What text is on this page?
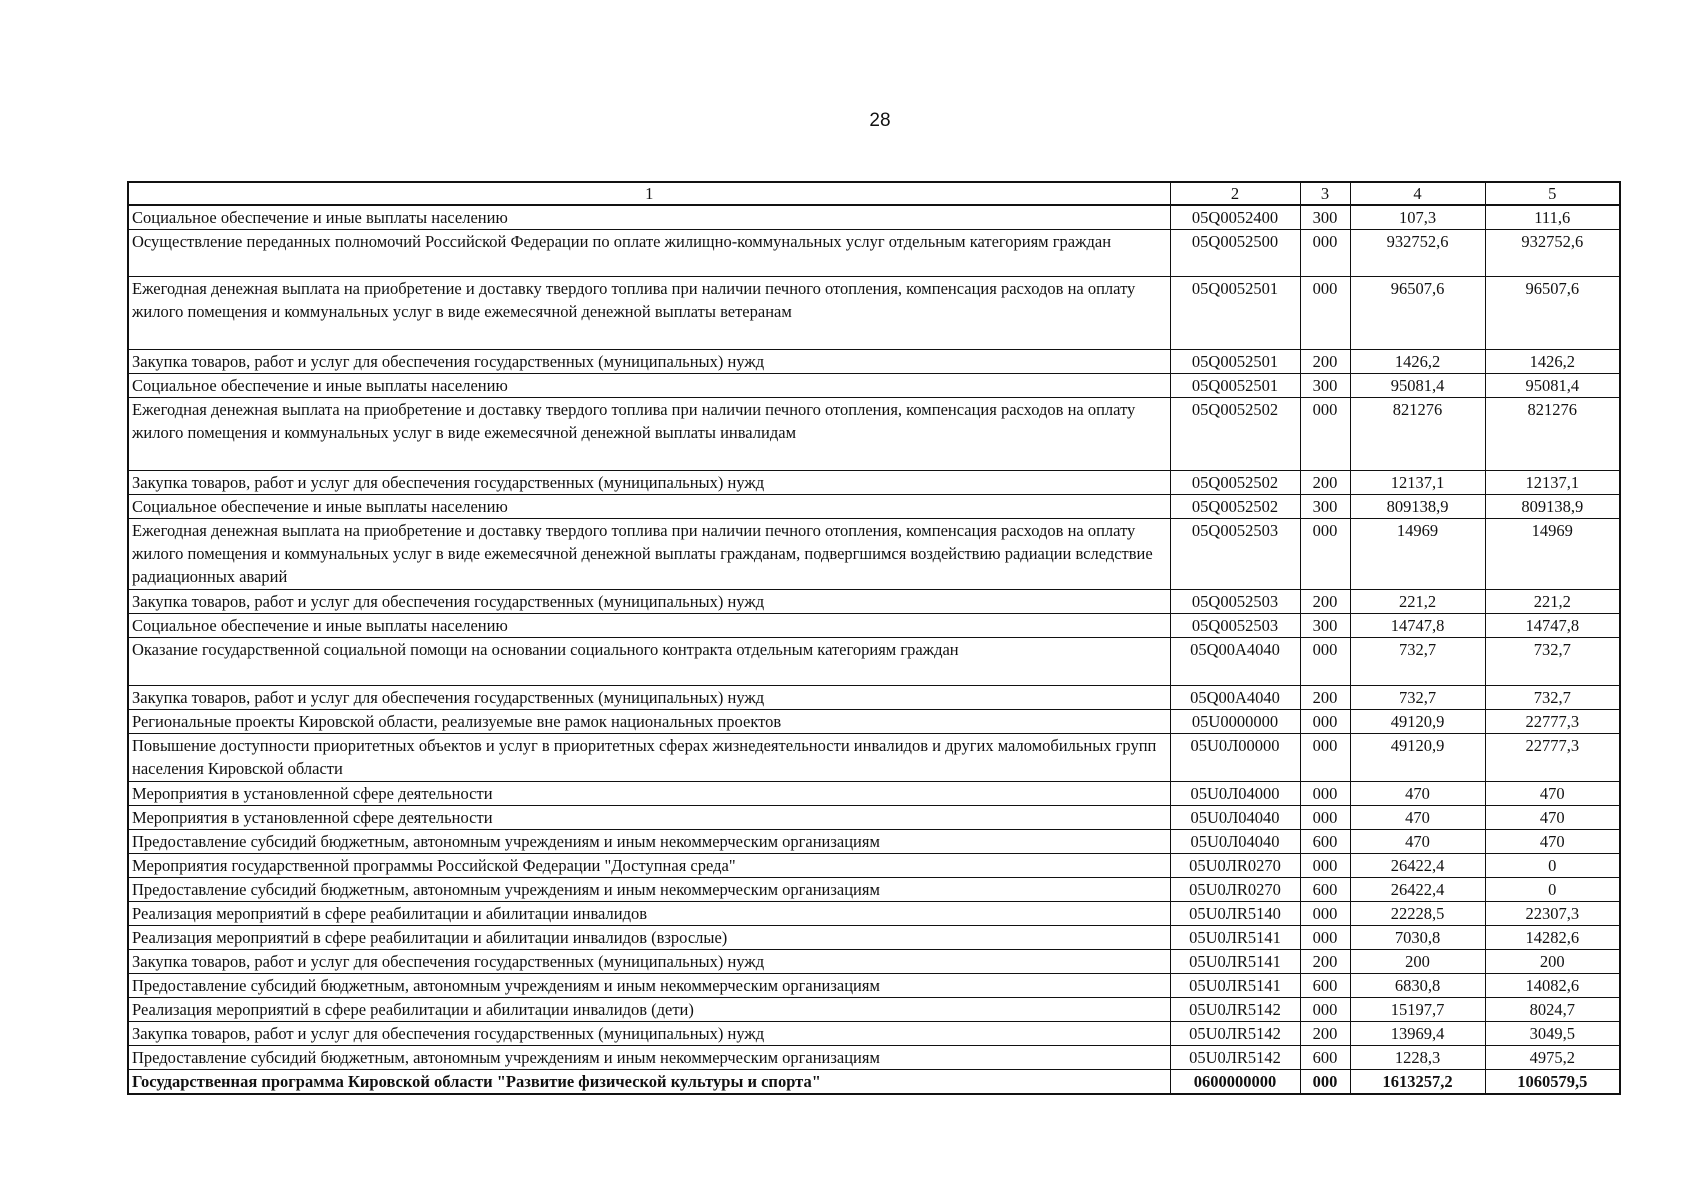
28
1	2	3	4	5
Социальное обеспечение и иные выплаты населению	05Q0052400	300	107,3	111,6
Осуществление переданных полномочий Российской Федерации по оплате жилищно-коммунальных услуг отдельным категориям граждан	05Q0052500	000	932752,6	932752,6
Ежегодная денежная выплата на приобретение и доставку твердого топлива при наличии печного отопления, компенсация расходов на оплату жилого помещения и коммунальных услуг в виде ежемесячной денежной выплаты ветеранам	05Q0052501	000	96507,6	96507,6
Закупка товаров, работ и услуг для обеспечения государственных (муниципальных) нужд	05Q0052501	200	1426,2	1426,2
Социальное обеспечение и иные выплаты населению	05Q0052501	300	95081,4	95081,4
Ежегодная денежная выплата на приобретение и доставку твердого топлива при наличии печного отопления, компенсация расходов на оплату жилого помещения и коммунальных услуг в виде ежемесячной денежной выплаты инвалидам	05Q0052502	000	821276	821276
Закупка товаров, работ и услуг для обеспечения государственных (муниципальных) нужд	05Q0052502	200	12137,1	12137,1
Социальное обеспечение и иные выплаты населению	05Q0052502	300	809138,9	809138,9
Ежегодная денежная выплата на приобретение и доставку твердого топлива при наличии печного отопления, компенсация расходов на оплату жилого помещения и коммунальных услуг в виде ежемесячной денежной выплаты гражданам, подвергшимся воздействию радиации вследствие радиационных аварий	05Q0052503	000	14969	14969
Закупка товаров, работ и услуг для обеспечения государственных (муниципальных) нужд	05Q0052503	200	221,2	221,2
Социальное обеспечение и иные выплаты населению	05Q0052503	300	14747,8	14747,8
Оказание государственной социальной помощи на основании социального контракта отдельным категориям граждан	05Q00A4040	000	732,7	732,7
Закупка товаров, работ и услуг для обеспечения государственных (муниципальных) нужд	05Q00A4040	200	732,7	732,7
Региональные проекты Кировской области, реализуемые вне рамок национальных проектов	05U0000000	000	49120,9	22777,3
Повышение доступности приоритетных объектов и услуг в приоритетных сферах жизнедеятельности инвалидов и других маломобильных групп населения Кировской области	05U0Л00000	000	49120,9	22777,3
Мероприятия в установленной сфере деятельности	05U0Л04000	000	470	470
Мероприятия в установленной сфере деятельности	05U0Л04040	000	470	470
Предоставление субсидий бюджетным, автономным учреждениям и иным некоммерческим организациям	05U0Л04040	600	470	470
Мероприятия государственной программы Российской Федерации "Доступная среда"	05U0ЛR0270	000	26422,4	0
Предоставление субсидий бюджетным, автономным учреждениям и иным некоммерческим организациям	05U0ЛR0270	600	26422,4	0
Реализация мероприятий в сфере реабилитации и абилитации инвалидов	05U0ЛR5140	000	22228,5	22307,3
Реализация мероприятий в сфере реабилитации и абилитации инвалидов (взрослые)	05U0ЛR5141	000	7030,8	14282,6
Закупка товаров, работ и услуг для обеспечения государственных (муниципальных) нужд	05U0ЛR5141	200	200	200
Предоставление субсидий бюджетным, автономным учреждениям и иным некоммерческим организациям	05U0ЛR5141	600	6830,8	14082,6
Реализация мероприятий в сфере реабилитации и абилитации инвалидов (дети)	05U0ЛR5142	000	15197,7	8024,7
Закупка товаров, работ и услуг для обеспечения государственных (муниципальных) нужд	05U0ЛR5142	200	13969,4	3049,5
Предоставление субсидий бюджетным, автономным учреждениям и иным некоммерческим организациям	05U0ЛR5142	600	1228,3	4975,2
Государственная программа Кировской области "Развитие физической культуры и спорта"	0600000000	000	1613257,2	1060579,5
